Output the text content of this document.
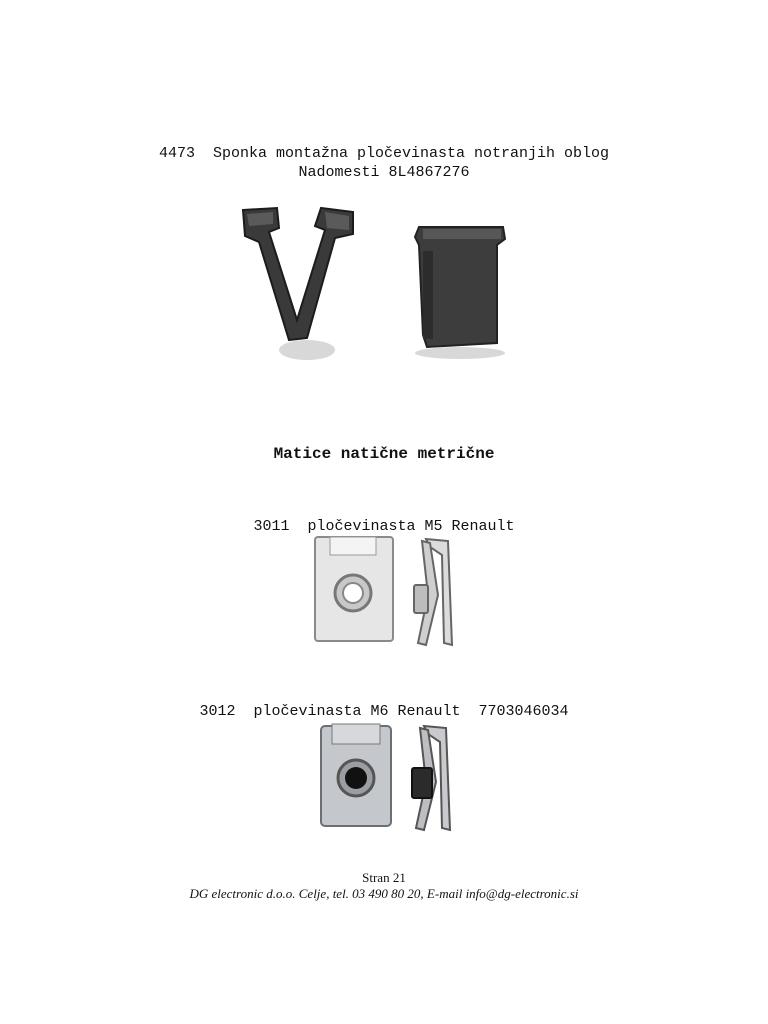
4473  Sponka montažna pločevinasta notranjih oblog
Nadomesti 8L4867276
Matice natične metrične
3011  pločevinasta M5 Renault
3012  pločevinasta M6 Renault  7703046034
Stran 21
DG electronic d.o.o. Celje, tel. 03 490 80 20, E-mail info@dg-electronic.si
